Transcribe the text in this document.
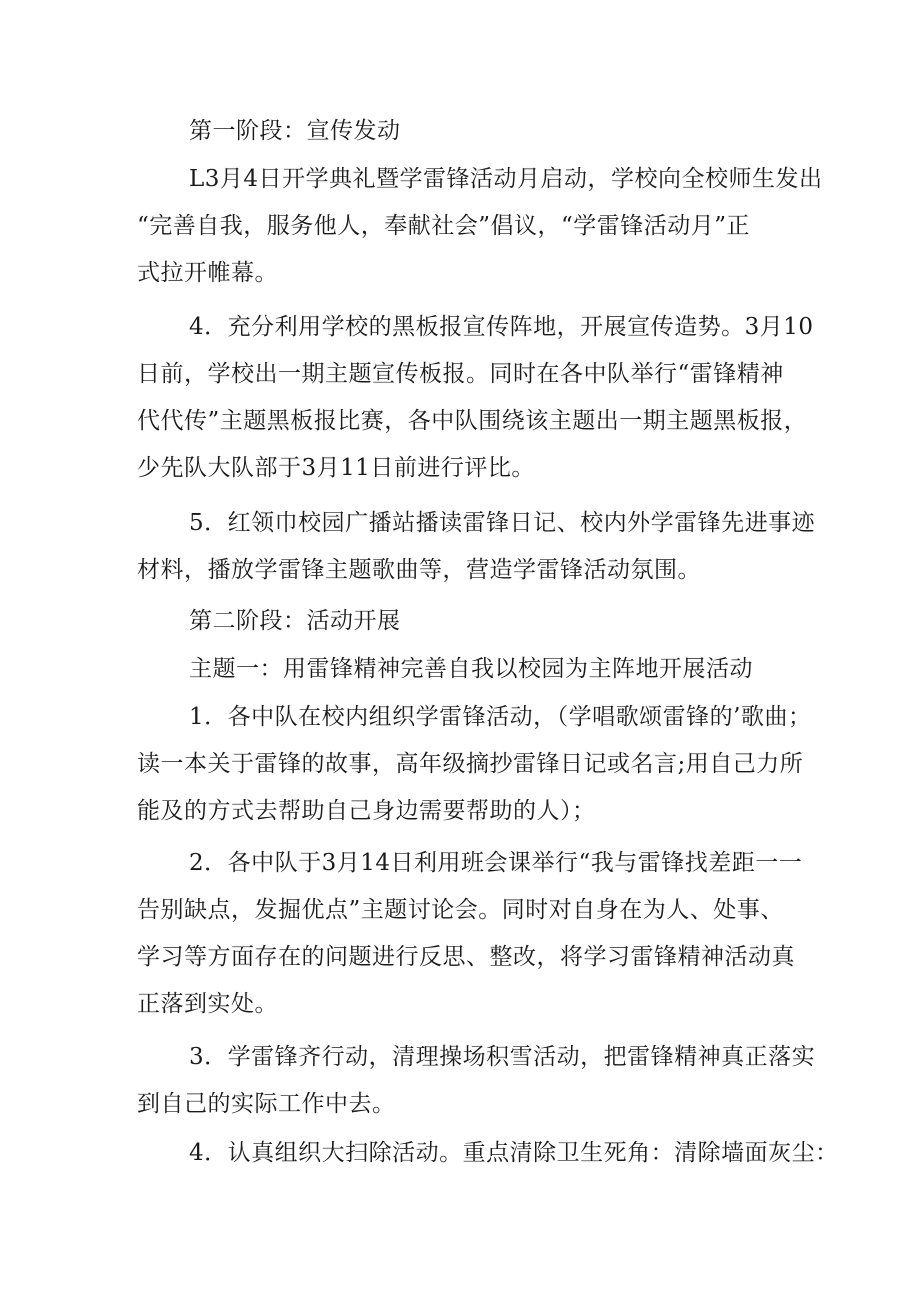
第一阶段：宣传发动
L3月4日开学典礼暨学雷锋活动月启动，学校向全校师生发出
“完善自我，服务他人，奉献社会”倡议，“学雷锋活动月”正
式拉开帷幕。
4．充分利用学校的黑板报宣传阵地，开展宣传造势。3月10
日前，学校出一期主题宣传板报。同时在各中队举行“雷锋精神
代代传”主题黑板报比赛，各中队围绕该主题出一期主题黑板报，
少先队大队部于3月11日前进行评比。
5．红领巾校园广播站播读雷锋日记、校内外学雷锋先进事迹
材料，播放学雷锋主题歌曲等，营造学雷锋活动氛围。
第二阶段：活动开展
主题一：用雷锋精神完善自我以校园为主阵地开展活动
1．各中队在校内组织学雷锋活动，（学唱歌颂雷锋的’歌曲；
读一本关于雷锋的故事，高年级摘抄雷锋日记或名言;用自己力所
能及的方式去帮助自己身边需要帮助的人）；
2．各中队于3月14日利用班会课举行“我与雷锋找差距一一
告别缺点，发掘优点”主题讨论会。同时对自身在为人、处事、
学习等方面存在的问题进行反思、整改，将学习雷锋精神活动真
正落到实处。
3．学雷锋齐行动，清理操场积雪活动，把雷锋精神真正落实
到自己的实际工作中去。
4．认真组织大扫除活动。重点清除卫生死角：清除墙面灰尘：
